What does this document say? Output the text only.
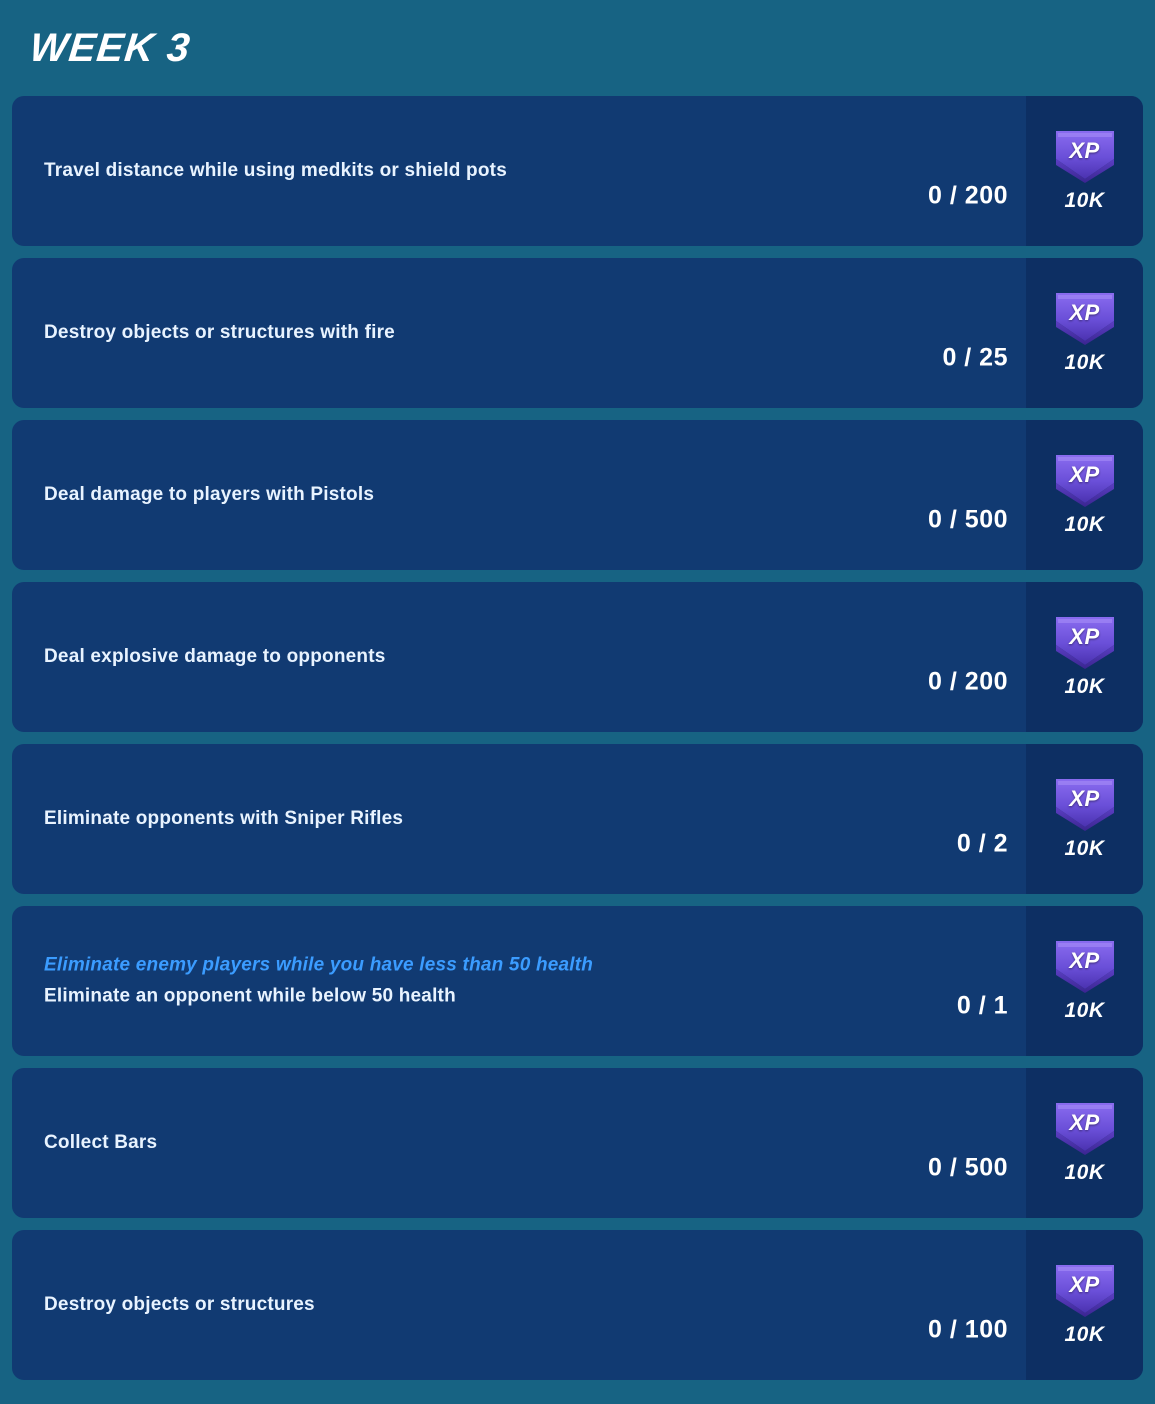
WEEK 3
Travel distance while using medkits or shield pots
0 / 200
XP
10K
Destroy objects or structures with fire
0 / 25
XP
10K
Deal damage to players with Pistols
0 / 500
XP
10K
Deal explosive damage to opponents
0 / 200
XP
10K
Eliminate opponents with Sniper Rifles
0 / 2
XP
10K
Eliminate enemy players while you have less than 50 health
Eliminate an opponent while below 50 health	0 / 1
XP
10K
Collect Bars
0 / 500
XP
10K
Destroy objects or structures
0 / 100
XP
10K
